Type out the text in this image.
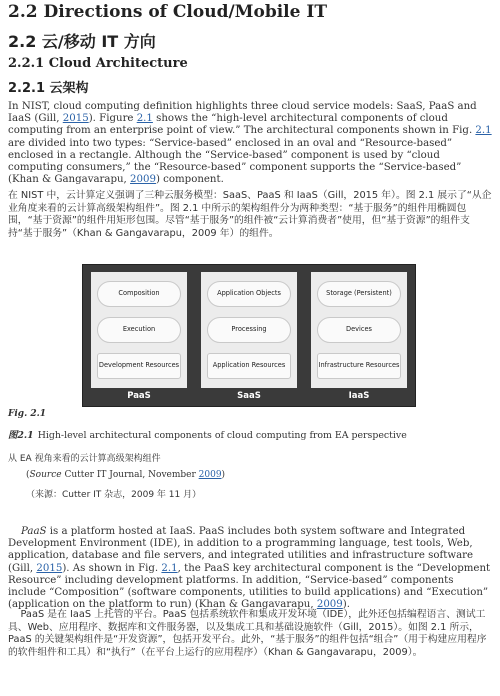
2.2 Directions of Cloud/Mobile IT
2.2 云/移动 IT 方向
2.2.1 Cloud Architecture
2.2.1 云架构
In NIST, cloud computing definition highlights three cloud service models: SaaS, PaaS and IaaS (Gill, 2015). Figure 2.1 shows the “high-level architectural components of cloud computing from an enterprise point of view.” The architectural components shown in Fig. 2.1 are divided into two types: “Service-based” enclosed in an oval and “Resource-based” enclosed in a rectangle. Although the “Service-based” component is used by “cloud computing consumers,” the “Resource-based” component supports the “Service-based” (Khan & Gangavarapu, 2009) component.
在 NIST 中，云计算定义强调了三种云服务模型：SaaS、PaaS 和 IaaS（Gill，2015 年）。图 2.1 展示了“从企业角度来看的云计算高级架构组件”。图 2.1 中所示的架构组件分为两种类型：“基于服务”的组件用椭圆包围，“基于资源”的组件用矩形包围。尽管“基于服务”的组件被“云计算消费者”使用，但“基于资源”的组件支持“基于服务”（Khan & Gangavarapu，2009 年）的组件。
Composition
Execution
Development Resources
Application Objects
Processing
Application Resources
Storage (Persistent)
Devices
Infrastructure Resources
PaaS	SaaS	IaaS
Fig. 2.1
图2.1 High-level architectural components of cloud computing from EA perspective
从 EA 视角来看的云计算高级架构组件
(Source Cutter IT Journal, November 2009)
（来源：Cutter IT 杂志，2009 年 11 月）
PaaS is a platform hosted at IaaS. PaaS includes both system software and Integrated Development Environment (IDE), in addition to a programming language, test tools, Web, application, database and file servers, and integrated utilities and infrastructure software (Gill, 2015). As shown in Fig. 2.1, the PaaS key architectural component is the “Development Resource” including development platforms. In addition, “Service-based” components include “Composition” (software components, utilities to build applications) and “Execution” (application on the platform to run) (Khan & Gangavarapu, 2009).
PaaS 是在 IaaS 上托管的平台。PaaS 包括系统软件和集成开发环境（IDE），此外还包括编程语言、测试工具、Web、应用程序、数据库和文件服务器，以及集成工具和基础设施软件（Gill，2015）。如图 2.1 所示，PaaS 的关键架构组件是“开发资源”，包括开发平台。此外，“基于服务”的组件包括“组合”（用于构建应用程序的软件组件和工具）和“执行”（在平台上运行的应用程序）（Khan & Gangavarapu，2009）。
